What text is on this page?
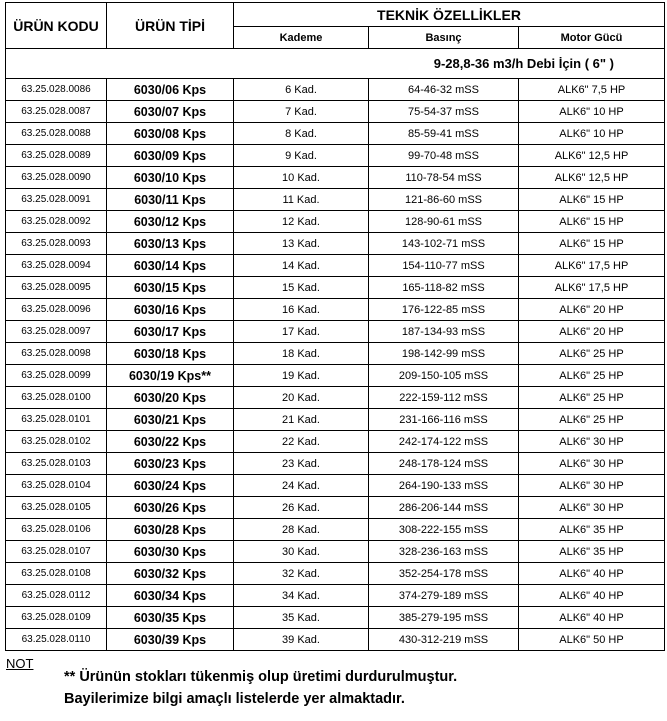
ÜRÜN KODU	ÜRÜN TİPİ	TEKNİK ÖZELLİKLER		
		Kademe	Basınç	Motor Gücü
9-28,8-36 m3/h Debi İçin ( 6" )				
63.25.028.0086	6030/06 Kps	6 Kad.	64-46-32 mSS	ALK6" 7,5 HP
63.25.028.0087	6030/07 Kps	7 Kad.	75-54-37 mSS	ALK6" 10 HP
63.25.028.0088	6030/08 Kps	8 Kad.	85-59-41 mSS	ALK6" 10 HP
63.25.028.0089	6030/09 Kps	9 Kad.	99-70-48 mSS	ALK6" 12,5 HP
63.25.028.0090	6030/10 Kps	10 Kad.	110-78-54 mSS	ALK6" 12,5 HP
63.25.028.0091	6030/11 Kps	11 Kad.	121-86-60 mSS	ALK6" 15 HP
63.25.028.0092	6030/12 Kps	12 Kad.	128-90-61 mSS	ALK6" 15 HP
63.25.028.0093	6030/13 Kps	13 Kad.	143-102-71 mSS	ALK6" 15 HP
63.25.028.0094	6030/14 Kps	14 Kad.	154-110-77 mSS	ALK6" 17,5 HP
63.25.028.0095	6030/15 Kps	15 Kad.	165-118-82 mSS	ALK6" 17,5 HP
63.25.028.0096	6030/16 Kps	16 Kad.	176-122-85 mSS	ALK6" 20 HP
63.25.028.0097	6030/17 Kps	17 Kad.	187-134-93 mSS	ALK6" 20 HP
63.25.028.0098	6030/18 Kps	18 Kad.	198-142-99 mSS	ALK6" 25 HP
63.25.028.0099	6030/19 Kps**	19 Kad.	209-150-105 mSS	ALK6" 25 HP
63.25.028.0100	6030/20 Kps	20 Kad.	222-159-112 mSS	ALK6" 25 HP
63.25.028.0101	6030/21 Kps	21 Kad.	231-166-116 mSS	ALK6" 25 HP
63.25.028.0102	6030/22 Kps	22 Kad.	242-174-122 mSS	ALK6" 30 HP
63.25.028.0103	6030/23 Kps	23 Kad.	248-178-124 mSS	ALK6" 30 HP
63.25.028.0104	6030/24 Kps	24 Kad.	264-190-133 mSS	ALK6" 30 HP
63.25.028.0105	6030/26 Kps	26 Kad.	286-206-144 mSS	ALK6" 30 HP
63.25.028.0106	6030/28 Kps	28 Kad.	308-222-155 mSS	ALK6" 35 HP
63.25.028.0107	6030/30 Kps	30 Kad.	328-236-163 mSS	ALK6" 35 HP
63.25.028.0108	6030/32 Kps	32 Kad.	352-254-178 mSS	ALK6" 40 HP
63.25.028.0112	6030/34 Kps	34 Kad.	374-279-189 mSS	ALK6" 40 HP
63.25.028.0109	6030/35 Kps	35 Kad.	385-279-195 mSS	ALK6" 40 HP
63.25.028.0110	6030/39 Kps	39 Kad.	430-312-219 mSS	ALK6" 50 HP
NOT
** Ürünün stokları tükenmiş olup üretimi durdurulmuştur.
Bayilerimize bilgi amaçlı listelerde yer almaktadır.
